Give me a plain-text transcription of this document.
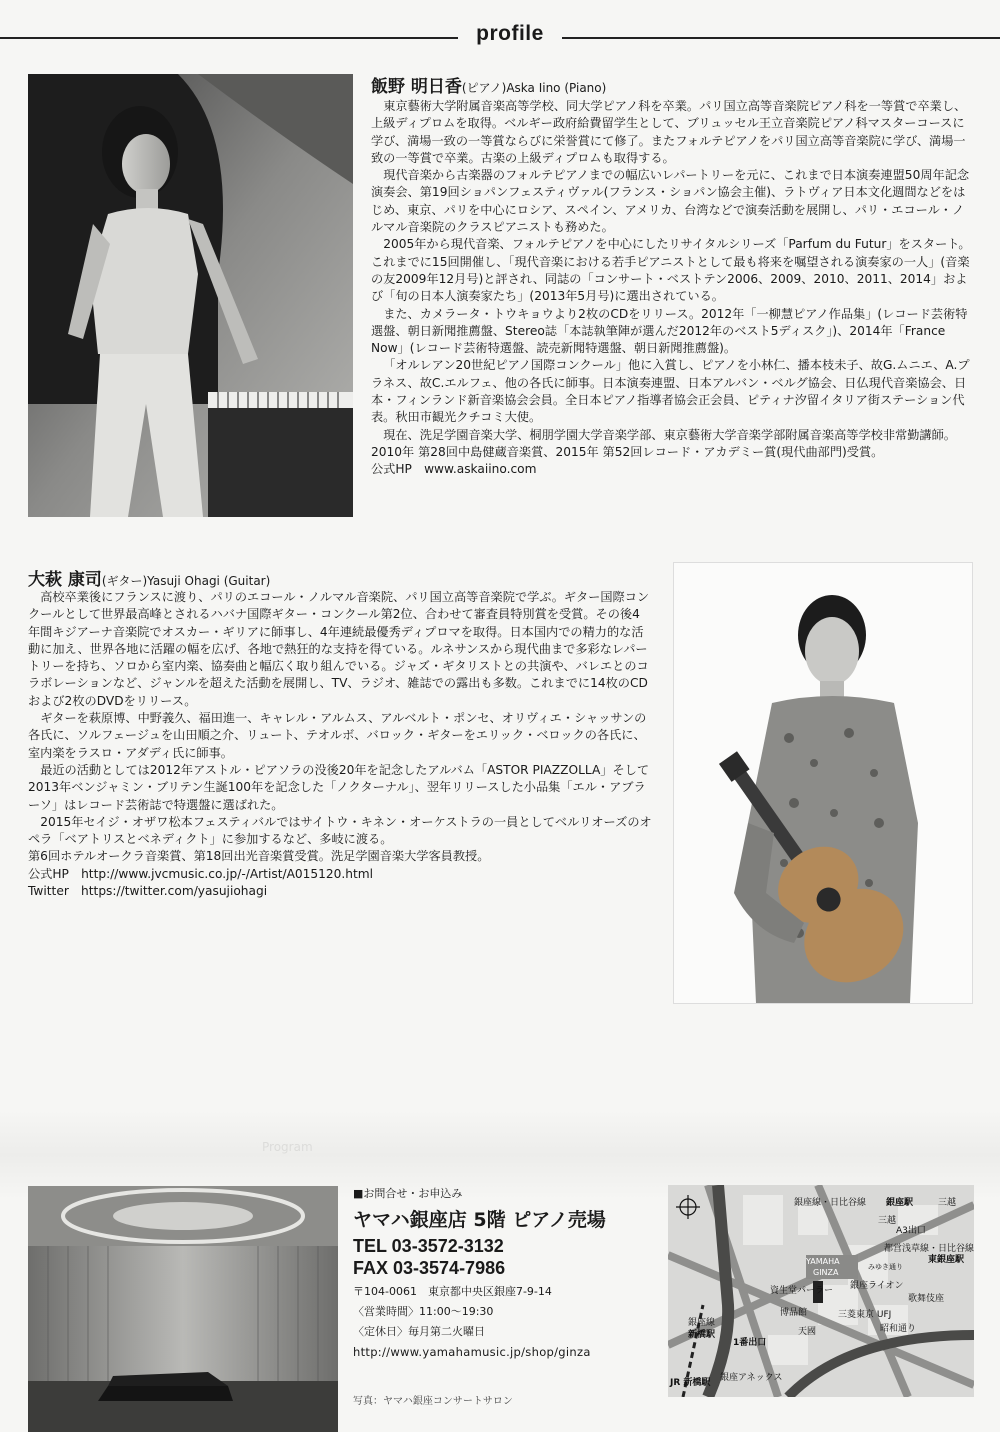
profile
飯野 明日香(ピアノ)Aska Iino (Piano)

東京藝術大学附属音楽高等学校、同大学ピアノ科を卒業。パリ国立高等音楽院ピアノ科を一等賞で卒業し、上級ディプロムを取得。ベルギー政府給費留学生として、ブリュッセル王立音楽院ピアノ科マスターコースに学び、満場一致の一等賞ならびに栄誉賞にて修了。またフォルテピアノをパリ国立高等音楽院に学び、満場一致の一等賞で卒業。古楽の上級ディプロムも取得する。

現代音楽から古楽器のフォルテピアノまでの幅広いレパートリーを元に、これまで日本演奏連盟50周年記念演奏会、第19回ショパンフェスティヴァル(フランス・ショパン協会主催)、ラトヴィア日本文化週間などをはじめ、東京、パリを中心にロシア、スペイン、アメリカ、台湾などで演奏活動を展開し、パリ・エコール・ノルマル音楽院のクラスピアニストも務めた。

2005年から現代音楽、フォルテピアノを中心にしたリサイタルシリーズ「Parfum du Futur」をスタート。これまでに15回開催し、「現代音楽における若手ピアニストとして最も将来を嘱望される演奏家の一人」(音楽の友2009年12月号)と評され、同誌の「コンサート・ベストテン2006、2009、2010、2011、2014」および「旬の日本人演奏家たち」(2013年5月号)に選出されている。

また、カメラータ・トウキョウより2枚のCDをリリース。2012年「一柳慧ピアノ作品集」(レコード芸術特選盤、朝日新聞推薦盤、Stereo誌「本誌執筆陣が選んだ2012年のベスト5ディスク」)、2014年「France Now」(レコード芸術特選盤、読売新聞特選盤、朝日新聞推薦盤)。

「オルレアン20世紀ピアノ国際コンクール」他に入賞し、ピアノを小林仁、播本枝未子、故G.ムニエ、A.プラネス、故C.エルフェ、他の各氏に師事。日本演奏連盟、日本アルバン・ベルグ協会、日仏現代音楽協会、日本・フィンランド新音楽協会会員。全日本ピアノ指導者協会正会員、ピティナ汐留イタリア街ステーション代表。秋田市観光クチコミ大使。

現在、洗足学園音楽大学、桐朋学園大学音楽学部、東京藝術大学音楽学部附属音楽高等学校非常勤講師。2010年 第28回中島健蔵音楽賞、2015年 第52回レコード・アカデミー賞(現代曲部門)受賞。

公式HP　www.askaiino.com

大萩 康司(ギター)Yasuji Ohagi (Guitar)

高校卒業後にフランスに渡り、パリのエコール・ノルマル音楽院、パリ国立高等音楽院で学ぶ。ギター国際コンクールとして世界最高峰とされるハバナ国際ギター・コンクール第2位、合わせて審査員特別賞を受賞。その後4年間キジアーナ音楽院でオスカー・ギリアに師事し、4年連続最優秀ディプロマを取得。日本国内での精力的な活動に加え、世界各地に活躍の幅を広げ、各地で熱狂的な支持を得ている。ルネサンスから現代曲まで多彩なレパートリーを持ち、ソロから室内楽、協奏曲と幅広く取り組んでいる。ジャズ・ギタリストとの共演や、バレエとのコラボレーションなど、ジャンルを超えた活動を展開し、TV、ラジオ、雑誌での露出も多数。これまでに14枚のCDおよび2枚のDVDをリリース。

ギターを萩原博、中野義久、福田進一、キャレル・アルムス、アルベルト・ポンセ、オリヴィエ・シャッサンの各氏に、ソルフェージュを山田順之介、リュート、テオルボ、バロック・ギターをエリック・ベロックの各氏に、室内楽をラスロ・アダディ氏に師事。

最近の活動としては2012年アストル・ピアソラの没後20年を記念したアルバム「ASTOR PIAZZOLLA」そして2013年ベンジャミン・ブリテン生誕100年を記念した「ノクターナル」、翌年リリースした小品集「エル・アブラーソ」はレコード芸術誌で特選盤に選ばれた。

2015年セイジ・オザワ松本フェスティバルではサイトウ・キネン・オーケストラの一員としてベルリオーズのオペラ「ベアトリスとベネディクト」に参加するなど、多岐に渡る。

第6回ホテルオークラ音楽賞、第18回出光音楽賞受賞。洗足学園音楽大学客員教授。

公式HP　http://www.jvcmusic.co.jp/-/Artist/A015120.html

Twitter　https://twitter.com/yasujiohagi

Program
写真：ヤマハ銀座コンサートサロン
■お問合せ・お申込み
ヤマハ銀座店 5階 ピアノ売場
TEL 03-3572-3132
FAX 03-3574-7986
〒104-0061　東京都中央区銀座7-9-14
〈営業時間〉11:00〜19:30
〈定休日〉毎月第二火曜日
http://www.yamahamusic.jp/shop/ginza
YAMAHA
GINZA
銀座線・日比谷線 銀座駅	三越
三越
A3出口
都営浅草線・日比谷線
東銀座駅
銀座ライオン
資生堂パーラー
博品館	三菱東京 UFJ
天國
1番出口
銀座線
新橋駅
JR 新橋駅 銀座アネックス
歌舞伎座
昭和通り
みゆき通り
